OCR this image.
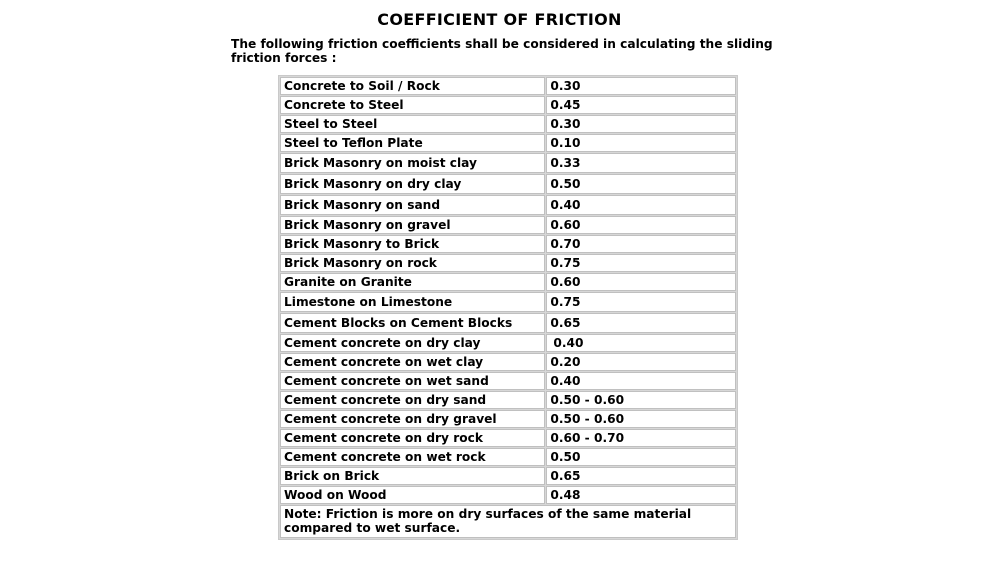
COEFFICIENT OF FRICTION
The following friction coefficients shall be considered in calculating the sliding friction forces :
Concrete to Soil / Rock	0.30
Concrete to Steel	0.45
Steel to Steel	0.30
Steel to Teflon Plate	0.10
Brick Masonry on moist clay	0.33
Brick Masonry on dry clay	0.50
Brick Masonry on sand	0.40
Brick Masonry on gravel	0.60
Brick Masonry to Brick	0.70
Brick Masonry on rock	0.75
Granite on Granite	0.60
Limestone on Limestone	0.75
Cement Blocks on Cement Blocks	0.65
Cement concrete on dry clay	0.40
Cement concrete on wet clay	0.20
Cement concrete on wet sand	0.40
Cement concrete on dry sand	0.50 - 0.60
Cement concrete on dry gravel	0.50 - 0.60
Cement concrete on dry rock	0.60 - 0.70
Cement concrete on wet rock	0.50
Brick on Brick	0.65
Wood on Wood	0.48
Note: Friction is more on dry surfaces of the same material compared to wet surface.	
